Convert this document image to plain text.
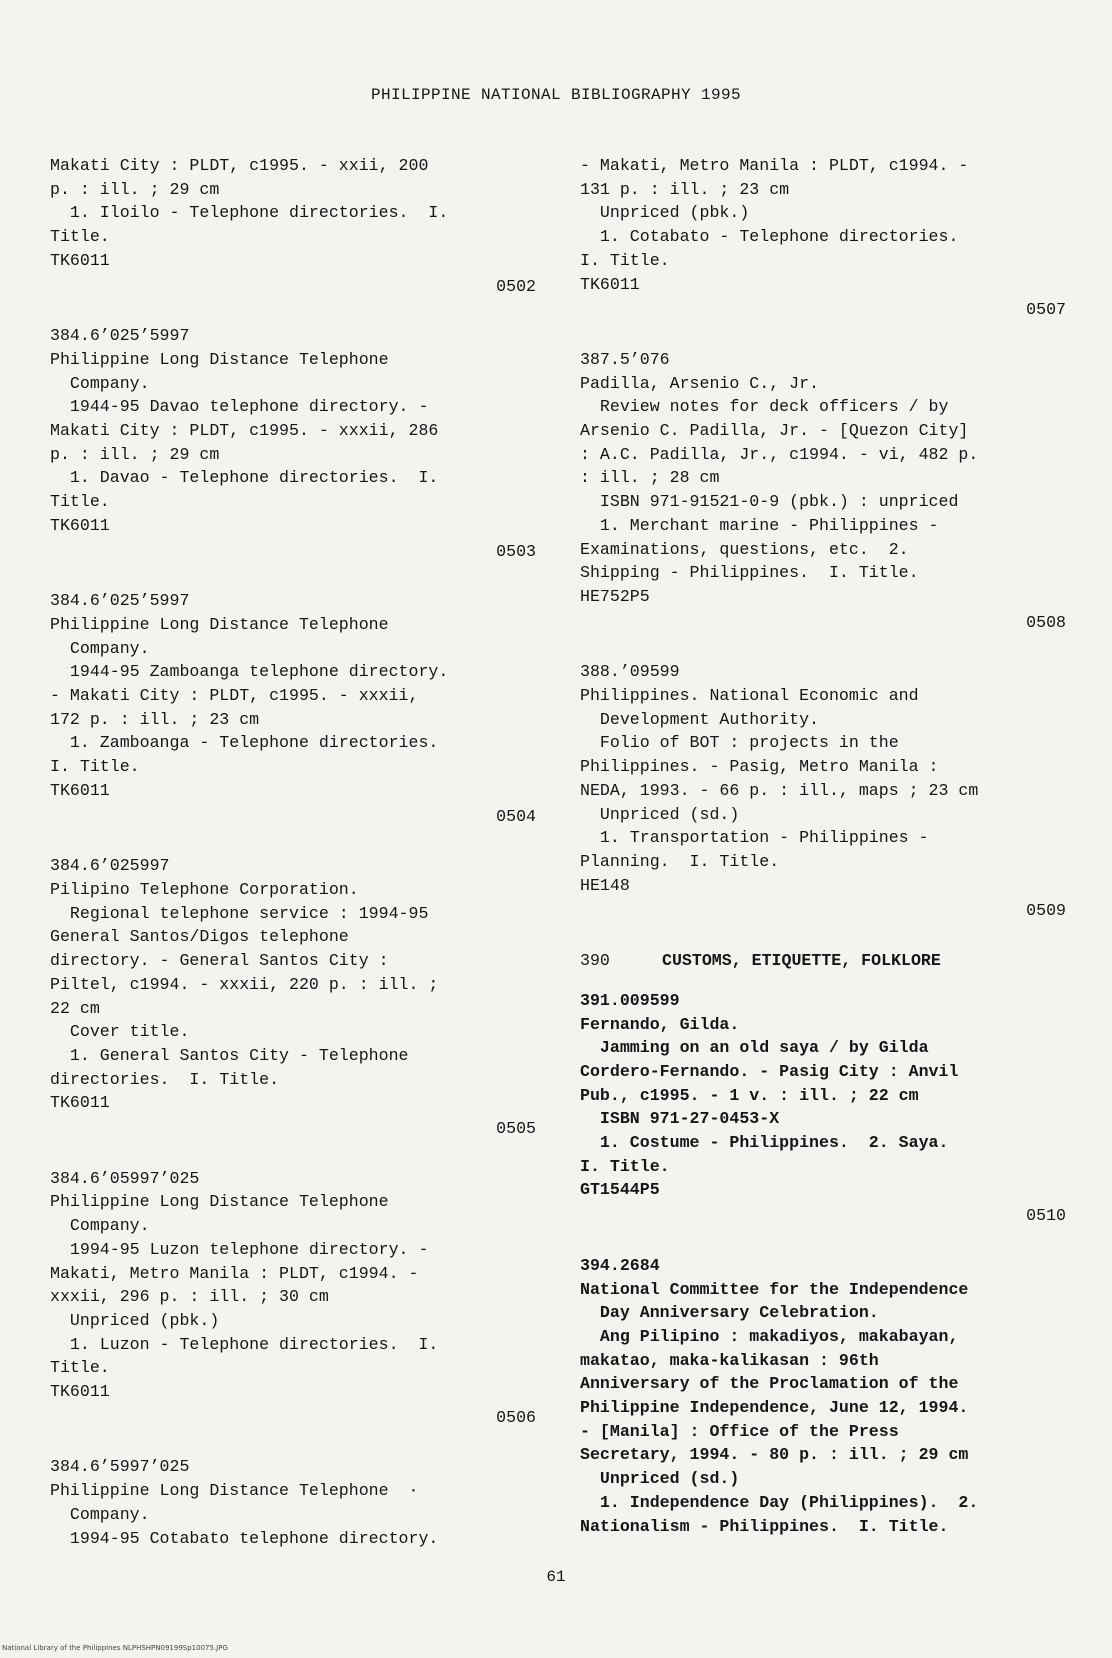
PHILIPPINE NATIONAL BIBLIOGRAPHY 1995
Makati City : PLDT, c1995. - xxii, 200
p. : ill. ; 29 cm
1. Iloilo - Telephone directories.  I.
Title.
TK6011
0502
384.6’025’5997
Philippine Long Distance Telephone
Company.
1944-95 Davao telephone directory. -
Makati City : PLDT, c1995. - xxxii, 286
p. : ill. ; 29 cm
1. Davao - Telephone directories.  I.
Title.
TK6011
0503
384.6’025’5997
Philippine Long Distance Telephone
Company.
1944-95 Zamboanga telephone directory.
- Makati City : PLDT, c1995. - xxxii,
172 p. : ill. ; 23 cm
1. Zamboanga - Telephone directories.
I. Title.
TK6011
0504
384.6’025997
Pilipino Telephone Corporation.
Regional telephone service : 1994-95
General Santos/Digos telephone
directory. - General Santos City :
Piltel, c1994. - xxxii, 220 p. : ill. ;
22 cm
Cover title.
1. General Santos City - Telephone
directories.  I. Title.
TK6011
0505
384.6’05997’025
Philippine Long Distance Telephone
Company.
1994-95 Luzon telephone directory. -
Makati, Metro Manila : PLDT, c1994. -
xxxii, 296 p. : ill. ; 30 cm
Unpriced (pbk.)
1. Luzon - Telephone directories.  I.
Title.
TK6011
0506
384.6’5997’025
Philippine Long Distance Telephone  ·
Company.
1994-95 Cotabato telephone directory.
- Makati, Metro Manila : PLDT, c1994. -
131 p. : ill. ; 23 cm
Unpriced (pbk.)
1. Cotabato - Telephone directories.
I. Title.
TK6011
0507
387.5’076
Padilla, Arsenio C., Jr.
Review notes for deck officers / by
Arsenio C. Padilla, Jr. - [Quezon City]
: A.C. Padilla, Jr., c1994. - vi, 482 p.
: ill. ; 28 cm
ISBN 971-91521-0-9 (pbk.) : unpriced
1. Merchant marine - Philippines -
Examinations, questions, etc.  2.
Shipping - Philippines.  I. Title.
HE752P5
0508
388.’09599
Philippines. National Economic and
Development Authority.
Folio of BOT : projects in the
Philippines. - Pasig, Metro Manila :
NEDA, 1993. - 66 p. : ill., maps ; 23 cm
Unpriced (sd.)
1. Transportation - Philippines -
Planning.  I. Title.
HE148
0509
390	CUSTOMS, ETIQUETTE, FOLKLORE
391.009599
Fernando, Gilda.
Jamming on an old saya / by Gilda
Cordero-Fernando. - Pasig City : Anvil
Pub., c1995. - 1 v. : ill. ; 22 cm
ISBN 971-27-0453-X
1. Costume - Philippines.  2. Saya.
I. Title.
GT1544P5
0510
394.2684
National Committee for the Independence
Day Anniversary Celebration.
Ang Pilipino : makadiyos, makabayan,
makatao, maka-kalikasan : 96th
Anniversary of the Proclamation of the
Philippine Independence, June 12, 1994.
- [Manila] : Office of the Press
Secretary, 1994. - 80 p. : ill. ; 29 cm
Unpriced (sd.)
1. Independence Day (Philippines).  2.
Nationalism - Philippines.  I. Title.
61
National Library of the Philippines NLPHSHPN09199Sp10075.JPG
